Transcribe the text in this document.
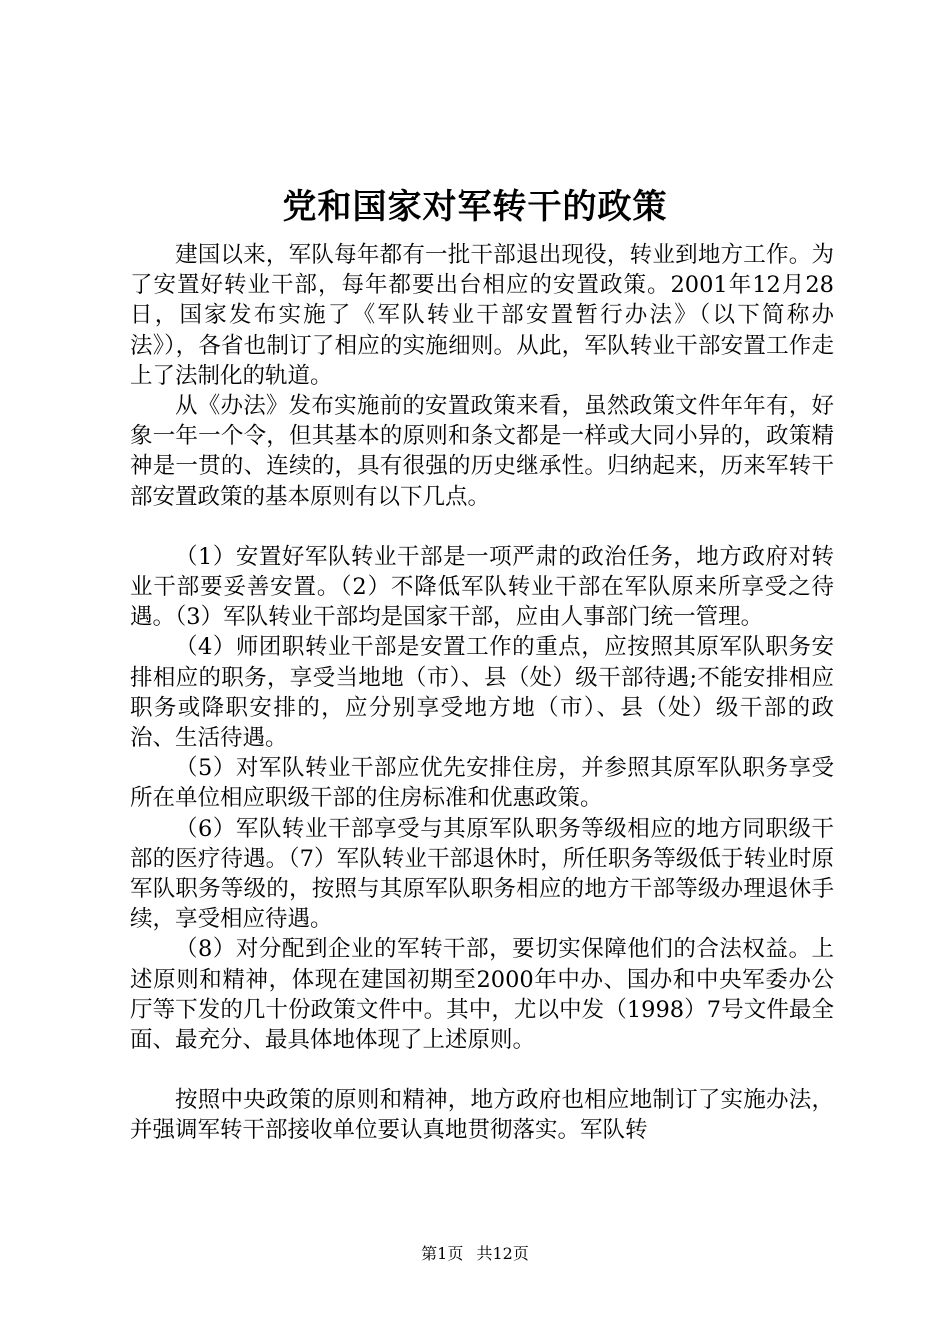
党和国家对军转干的政策

建国以来，军队每年都有一批干部退出现役，转业到地方工作。为了安置好转业干部，每年都要出台相应的安置政策。2001年12月28日，国家发布实施了《军队转业干部安置暂行办法》（以下简称办法》），各省也制订了相应的实施细则。从此，军队转业干部安置工作走上了法制化的轨道。

从《办法》发布实施前的安置政策来看，虽然政策文件年年有，好象一年一个令，但其基本的原则和条文都是一样或大同小异的，政策精神是一贯的、连续的，具有很强的历史继承性。归纳起来，历来军转干部安置政策的基本原则有以下几点。

（1）安置好军队转业干部是一项严肃的政治任务，地方政府对转业干部要妥善安置。（2）不降低军队转业干部在军队原来所享受之待遇。（3）军队转业干部均是国家干部，应由人事部门统一管理。

（4）师团职转业干部是安置工作的重点，应按照其原军队职务安排相应的职务，享受当地地（市）、县（处）级干部待遇;不能安排相应职务或降职安排的，应分别享受地方地（市）、县（处）级干部的政治、生活待遇。

（5）对军队转业干部应优先安排住房，并参照其原军队职务享受所在单位相应职级干部的住房标准和优惠政策。

（6）军队转业干部享受与其原军队职务等级相应的地方同职级干部的医疗待遇。（7）军队转业干部退休时，所任职务等级低于转业时原军队职务等级的，按照与其原军队职务相应的地方干部等级办理退休手续，享受相应待遇。

（8）对分配到企业的军转干部，要切实保障他们的合法权益。上述原则和精神，体现在建国初期至2000年中办、国办和中央军委办公厅等下发的几十份政策文件中。其中，尤以中发（1998）7号文件最全面、最充分、最具体地体现了上述原则。

按照中央政策的原则和精神，地方政府也相应地制订了实施办法，并强调军转干部接收单位要认真地贯彻落实。军队转

第1页 共12页
